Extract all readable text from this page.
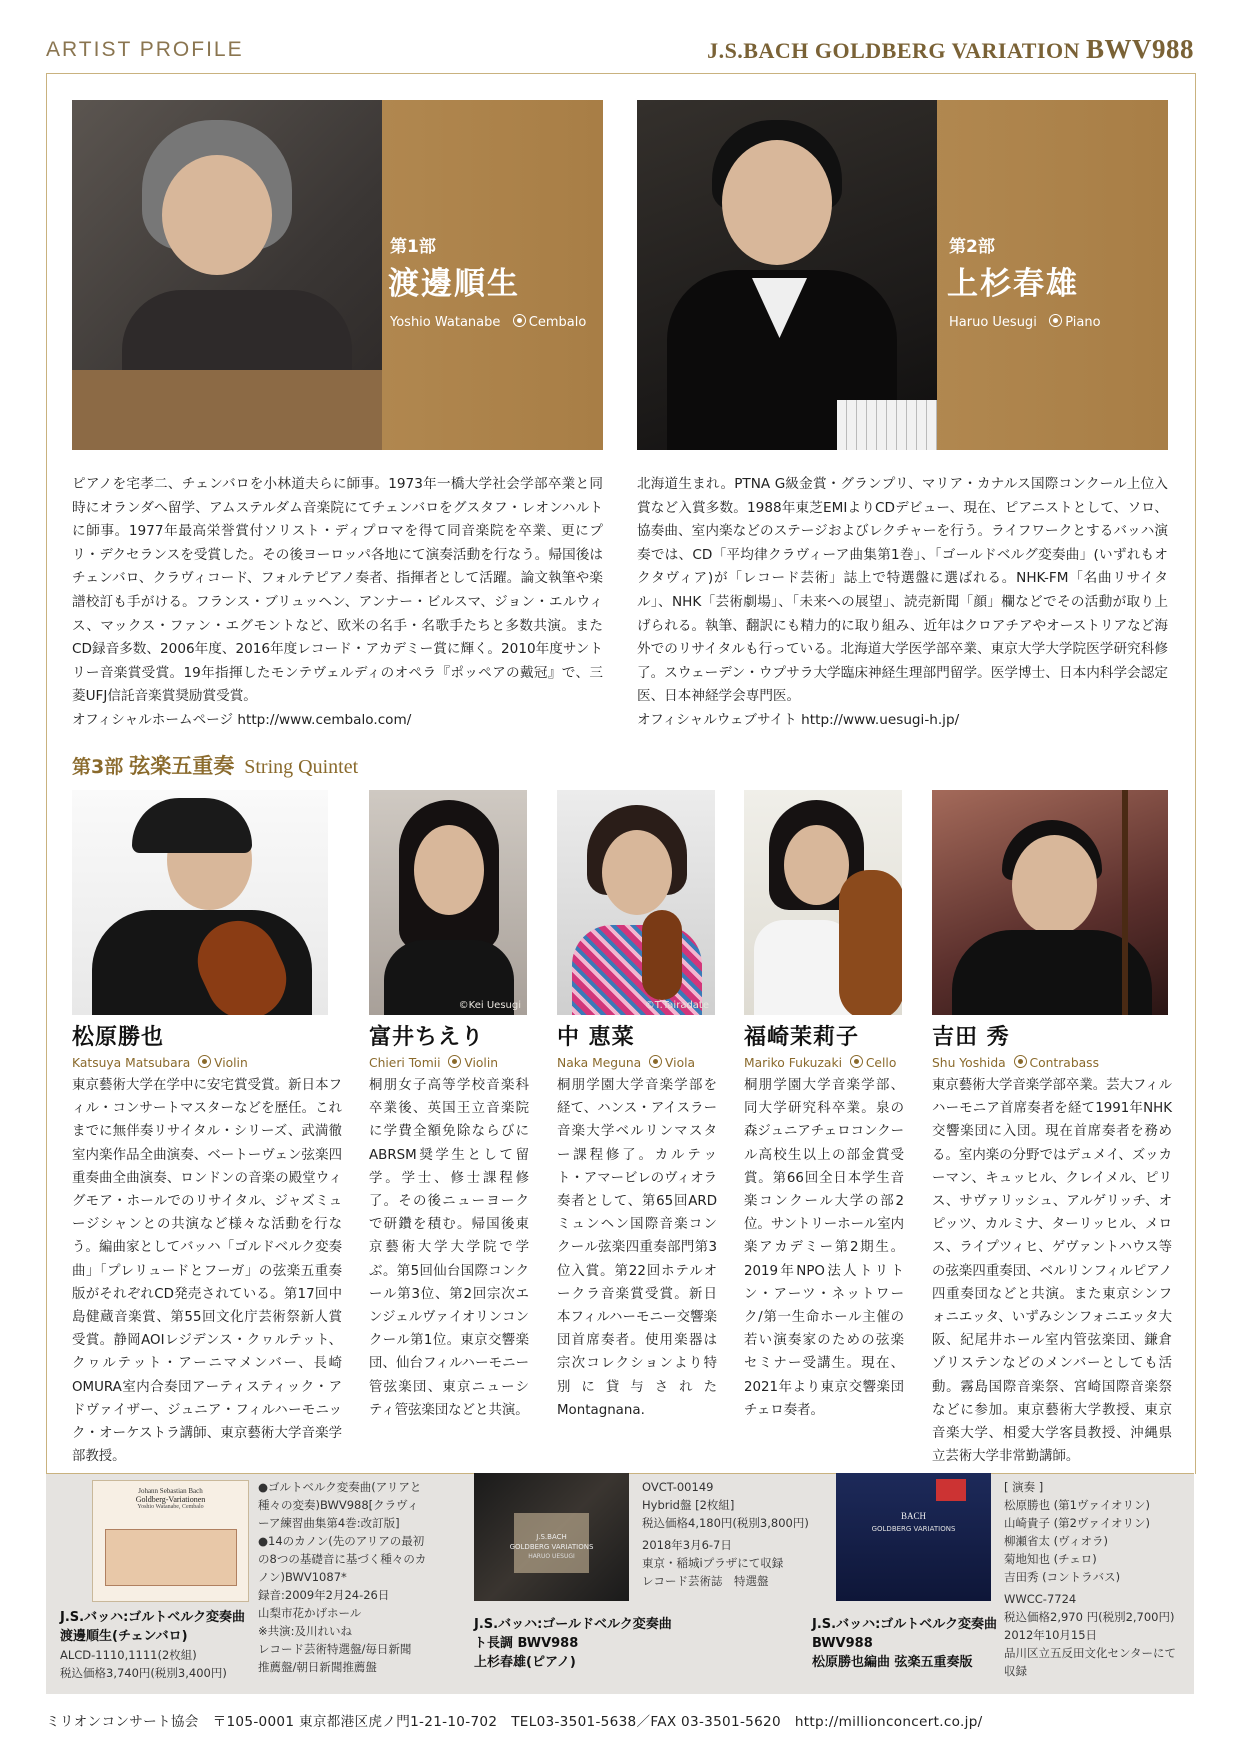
ARTIST PROFILE	J.S.BACH GOLDBERG VARIATION BWV988
第1部
渡邊順生
Yoshio Watanabe Cembalo
第2部
上杉春雄
Haruo Uesugi Piano
ピアノを宅孝二、チェンバロを小林道夫らに師事。1973年一橋大学社会学部卒業と同時にオランダへ留学、アムステルダム音楽院にてチェンバロをグスタフ・レオンハルトに師事。1977年最高栄誉賞付ソリスト・ディプロマを得て同音楽院を卒業、更にプリ・デクセランスを受賞した。その後ヨーロッパ各地にて演奏活動を行なう。帰国後はチェンバロ、クラヴィコード、フォルテピアノ奏者、指揮者として活躍。論文執筆や楽譜校訂も手がける。フランス・ブリュッヘン、アンナー・ビルスマ、ジョン・エルウィス、マックス・ファン・エグモントなど、欧米の名手・名歌手たちと多数共演。またCD録音多数、2006年度、2016年度レコード・アカデミー賞に輝く。2010年度サントリー音楽賞受賞。19年指揮したモンテヴェルディのオペラ『ポッペアの戴冠』で、三菱UFJ信託音楽賞奨励賞受賞。
オフィシャルホームページ http://www.cembalo.com/
北海道生まれ。PTNA G級金賞・グランプリ、マリア・カナルス国際コンクール上位入賞など入賞多数。1988年東芝EMIよりCDデビュー、現在、ピアニストとして、ソロ、協奏曲、室内楽などのステージおよびレクチャーを行う。ライフワークとするバッハ演奏では、CD「平均律クラヴィーア曲集第1巻」、「ゴールドベルグ変奏曲」(いずれもオクタヴィア)が「レコード芸術」誌上で特選盤に選ばれる。NHK-FM「名曲リサイタル」、NHK「芸術劇場」、「未来への展望」、読売新聞「顔」欄などでその活動が取り上げられる。執筆、翻訳にも精力的に取り組み、近年はクロアチアやオーストリアなど海外でのリサイタルも行っている。北海道大学医学部卒業、東京大学大学院医学研究科修了。スウェーデン・ウプサラ大学臨床神経生理部門留学。医学博士、日本内科学会認定医、日本神経学会専門医。
オフィシャルウェブサイト http://www.uesugi-h.jp/
第3部 弦楽五重奏 String Quintet
©Kei Uesugi	©T.Tairadate
松原勝也
Katsuya Matsubara Violin
東京藝術大学在学中に安宅賞受賞。新日本フィル・コンサートマスターなどを歴任。これまでに無伴奏リサイタル・シリーズ、武満徹室内楽作品全曲演奏、ベートーヴェン弦楽四重奏曲全曲演奏、ロンドンの音楽の殿堂ウィグモア・ホールでのリサイタル、ジャズミュージシャンとの共演など様々な活動を行なう。編曲家としてバッハ「ゴルドベルク変奏曲」「プレリュードとフーガ」の弦楽五重奏版がそれぞれCD発売されている。第17回中島健蔵音楽賞、第55回文化庁芸術祭新人賞受賞。静岡AOIレジデンス・クヮルテット、クヮルテット・アーニマメンバー、長崎OMURA室内合奏団アーティスティック・アドヴァイザー、ジュニア・フィルハーモニック・オーケストラ講師、東京藝術大学音楽学部教授。
富井ちえり
Chieri Tomii Violin
桐朋女子高等学校音楽科卒業後、英国王立音楽院に学費全額免除ならびにABRSM奨学生として留学。学士、修士課程修了。その後ニューヨークで研鑽を積む。帰国後東京藝術大学大学院で学ぶ。第5回仙台国際コンクール第3位、第2回宗次エンジェルヴァイオリンコンクール第1位。東京交響楽団、仙台フィルハーモニー管弦楽団、東京ニューシティ管弦楽団などと共演。
中 恵菜
Naka Meguna Viola
桐朋学園大学音楽学部を経て、ハンス・アイスラー音楽大学ベルリンマスター課程修了。カルテット・アマービレのヴィオラ奏者として、第65回ARD ミュンヘン国際音楽コンクール弦楽四重奏部門第3位入賞。第22回ホテルオークラ音楽賞受賞。新日本フィルハーモニー交響楽団首席奏者。使用楽器は宗次コレクションより特別に貸与されたMontagnana.
福崎茉莉子
Mariko Fukuzaki Cello
桐朋学園大学音楽学部、同大学研究科卒業。泉の森ジュニアチェロコンクール高校生以上の部金賞受賞。第66回全日本学生音楽コンクール大学の部2位。サントリーホール室内楽アカデミー第2期生。2019年NPO法人トリトン・アーツ・ネットワーク/第一生命ホール主催の若い演奏家のための弦楽セミナー受講生。現在、2021年より東京交響楽団チェロ奏者。
吉田 秀
Shu Yoshida Contrabass
東京藝術大学音楽学部卒業。芸大フィルハーモニア首席奏者を経て1991年NHK交響楽団に入団。現在首席奏者を務める。室内楽の分野ではデュメイ、ズッカーマン、キュッヒル、クレイメル、ピリス、サヴァリッシュ、アルゲリッチ、オピッツ、カルミナ、ターリッヒル、メロス、ライプツィヒ、ゲヴァントハウス等の弦楽四重奏団、ベルリンフィルピアノ四重奏団などと共演。また東京シンフォニエッタ、いずみシンフォニエッタ大阪、紀尾井ホール室内管弦楽団、鎌倉ゾリステンなどのメンバーとしても活動。霧島国際音楽祭、宮崎国際音楽祭などに参加。東京藝術大学教授、東京音楽大学、相愛大学客員教授、沖縄県立芸術大学非常勤講師。
Johann Sebastian Bach
Goldberg-Variationen
Yoshio Watanabe, Cembalo
●ゴルトベルク変奏曲(アリアと種々の変奏)BWV988[クラヴィーア練習曲集第4巻:改訂版]
●14のカノン(先のアリアの最初の8つの基礎音に基づく種々のカノン)BWV1087*
録音:2009年2月24-26日
山梨市花かげホール
※共演:及川れいね
レコード芸術特選盤/毎日新聞
推薦盤/朝日新聞推薦盤
J.S.バッハ:ゴルトベルク変奏曲
渡邊順生(チェンバロ)
ALCD-1110,1111(2枚組)
税込価格3,740円(税別3,400円)
J.S.BACH
GOLDBERG VARIATIONS
HARUO UESUGI
OVCT-00149
Hybrid盤 [2枚組]
税込価格4,180円(税別3,800円)
2018年3月6-7日
東京・稲城iプラザにて収録
レコード芸術誌　特選盤
J.S.バッハ:ゴールドベルク変奏曲
ト長調 BWV988
上杉春雄(ピアノ)
BACH
GOLDBERG VARIATIONS
[ 演奏 ]
松原勝也 (第1ヴァイオリン)
山崎貴子 (第2ヴァイオリン)
柳瀬省太 (ヴィオラ)
菊地知也 (チェロ)
吉田秀 (コントラバス)
WWCC-7724
税込価格2,970 円(税別2,700円)
2012年10月15日
品川区立五反田文化センターにて
収録
J.S.バッハ:ゴルトベルク変奏曲
BWV988
松原勝也編曲 弦楽五重奏版
ミリオンコンサート協会　〒105-0001 東京都港区虎ノ門1-21-10-702　TEL03-3501-5638／FAX 03-3501-5620　http://millionconcert.co.jp/
